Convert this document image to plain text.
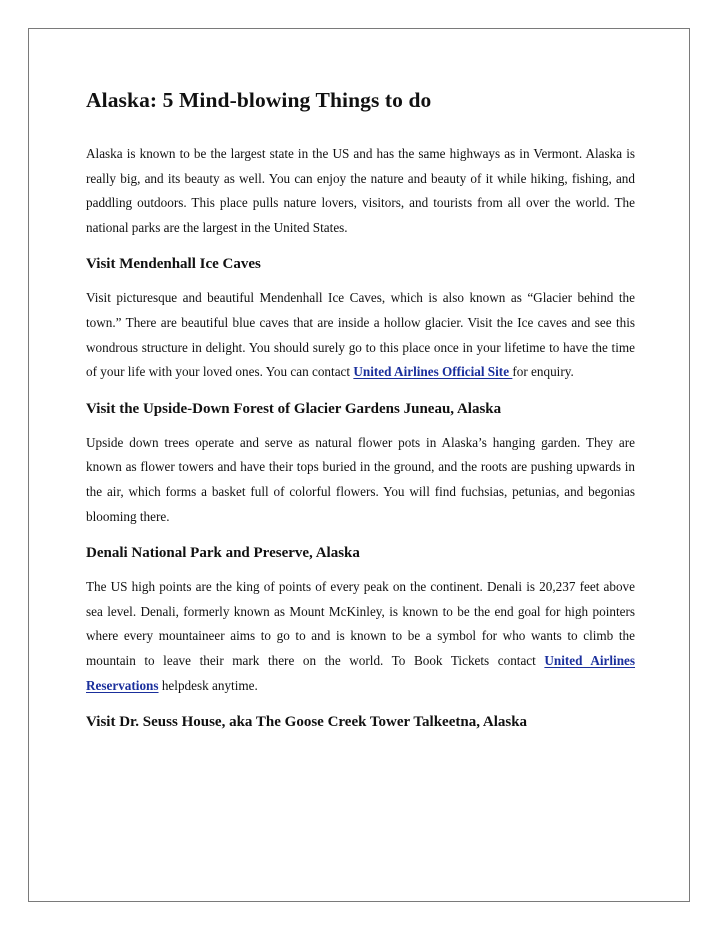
Alaska: 5 Mind-blowing Things to do

Alaska is known to be the largest state in the US and has the same highways as in Vermont. Alaska is really big, and its beauty as well. You can enjoy the nature and beauty of it while hiking, fishing, and paddling outdoors. This place pulls nature lovers, visitors, and tourists from all over the world. The national parks are the largest in the United States.

Visit Mendenhall Ice Caves

Visit picturesque and beautiful Mendenhall Ice Caves, which is also known as “Glacier behind the town.” There are beautiful blue caves that are inside a hollow glacier. Visit the Ice caves and see this wondrous structure in delight. You should surely go to this place once in your lifetime to have the time of your life with your loved ones. You can contact United Airlines Official Site for enquiry.

Visit the Upside-Down Forest of Glacier Gardens Juneau, Alaska

Upside down trees operate and serve as natural flower pots in Alaska’s hanging garden. They are known as flower towers and have their tops buried in the ground, and the roots are pushing upwards in the air, which forms a basket full of colorful flowers. You will find fuchsias, petunias, and begonias blooming there.

Denali National Park and Preserve, Alaska

The US high points are the king of points of every peak on the continent. Denali is 20,237 feet above sea level. Denali, formerly known as Mount McKinley, is known to be the end goal for high pointers where every mountaineer aims to go to and is known to be a symbol for who wants to climb the mountain to leave their mark there on the world. To Book Tickets contact United Airlines Reservations helpdesk anytime.

Visit Dr. Seuss House, aka The Goose Creek Tower Talkeetna, Alaska
